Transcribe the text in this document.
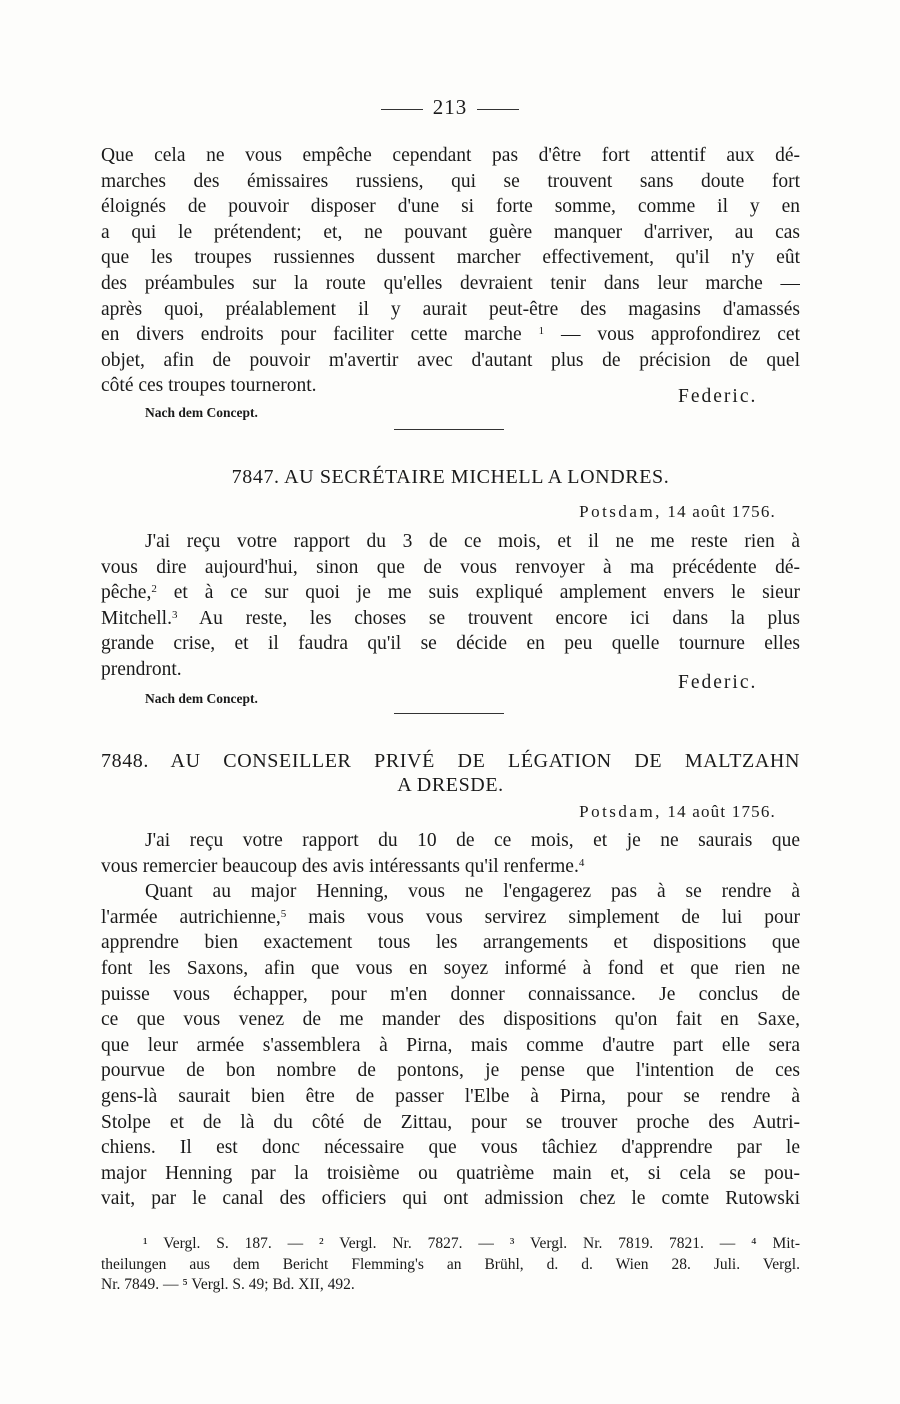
213
Que cela ne vous empêche cependant pas d'être fort attentif aux dé-
marches des émissaires russiens, qui se trouvent sans doute fort
éloignés de pouvoir disposer d'une si forte somme, comme il y en
a qui le prétendent; et, ne pouvant guère manquer d'arriver, au cas
que les troupes russiennes dussent marcher effectivement, qu'il n'y eût
des préambules sur la route qu'elles devraient tenir dans leur marche —
après quoi, préalablement il y aurait peut-être des magasins d'amassés
en divers endroits pour faciliter cette marche $^1$ — vous approfondirez cet
objet, afin de pouvoir m'avertir avec d'autant plus de précision de quel
côté ces troupes tourneront.
Federic.
Nach dem Concept.
7847. AU SECRÉTAIRE MICHELL A LONDRES.
Potsdam, 14 août 1756.
J'ai reçu votre rapport du 3 de ce mois, et il ne me reste rien à
vous dire aujourd'hui, sinon que de vous renvoyer à ma précédente dé-
pêche,$^2$ et à ce sur quoi je me suis expliqué amplement envers le sieur
Mitchell.$^3$ Au reste, les choses se trouvent encore ici dans la plus
grande crise, et il faudra qu'il se décide en peu quelle tournure elles
prendront.
Federic.
Nach dem Concept.
7848. AU CONSEILLER PRIVÉ DE LÉGATION DE MALTZAHN
A DRESDE.
Potsdam, 14 août 1756.
J'ai reçu votre rapport du 10 de ce mois, et je ne saurais que
vous remercier beaucoup des avis intéressants qu'il renferme.$^4$
Quant au major Henning, vous ne l'engagerez pas à se rendre à
l'armée autrichienne,$^5$ mais vous vous servirez simplement de lui pour
apprendre bien exactement tous les arrangements et dispositions que
font les Saxons, afin que vous en soyez informé à fond et que rien ne
puisse vous échapper, pour m'en donner connaissance. Je conclus de
ce que vous venez de me mander des dispositions qu'on fait en Saxe,
que leur armée s'assemblera à Pirna, mais comme d'autre part elle sera
pourvue de bon nombre de pontons, je pense que l'intention de ces
gens-là saurait bien être de passer l'Elbe à Pirna, pour se rendre à
Stolpe et de là du côté de Zittau, pour se trouver proche des Autri-
chiens. Il est donc nécessaire que vous tâchiez d'apprendre par le
major Henning par la troisième ou quatrième main et, si cela se pou-
vait, par le canal des officiers qui ont admission chez le comte Rutowski
¹ Vergl. S. 187. — ² Vergl. Nr. 7827. — ³ Vergl. Nr. 7819. 7821. — ⁴ Mit-
theilungen aus dem Bericht Flemming's an Brühl, d. d. Wien 28. Juli. Vergl.
Nr. 7849. — ⁵ Vergl. S. 49; Bd. XII, 492.
